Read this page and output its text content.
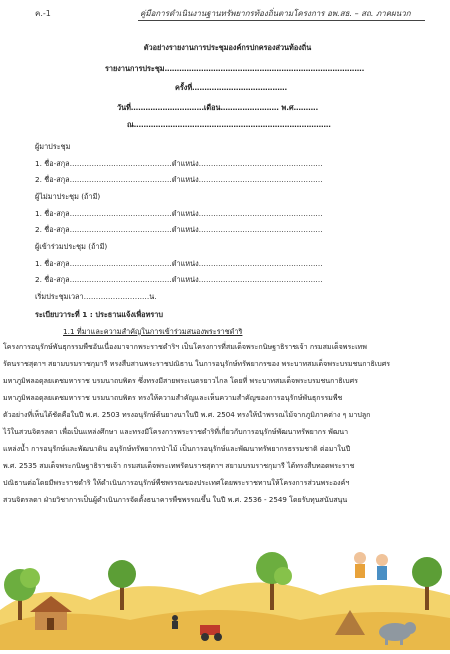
ค.-1	คู่มือการดำเนินงานฐานทรัพยากรท้องถิ่นตามโครงการ อพ.สธ. – สถ. ภาคผนวก
ตัวอย่างรายงานการประชุมองค์กรปกครองส่วนท้องถิ่น
รายงานการประชุม……………………………………………………………………….
ครั้งที่…………………………………
วันที่…………………………เดือน…………………… พ.ศ……….
ณ………………………………………………………………………
ผู้มาประชุม
1. ชื่อ-สกุล……………………………………ตำแหน่ง……………………………………………
2. ชื่อ-สกุล……………………………………ตำแหน่ง……………………………………………
ผู้ไม่มาประชุม (ถ้ามี)
1. ชื่อ-สกุล……………………………………ตำแหน่ง……………………………………………
2. ชื่อ-สกุล……………………………………ตำแหน่ง……………………………………………
ผู้เข้าร่วมประชุม (ถ้ามี)
1. ชื่อ-สกุล……………………………………ตำแหน่ง……………………………………………
2. ชื่อ-สกุล……………………………………ตำแหน่ง……………………………………………
เริ่มประชุมเวลา………………………น.
ระเบียบวาระที่ 1 : ประธานแจ้งเพื่อทราบ
1.1 ที่มาและความสำคัญในการเข้าร่วมสนองพระราชดำริ
โครงการอนุรักษ์พันธุกรรมพืชอันเนื่องมาจากพระราชดำริฯ เป็นโครงการที่สมเด็จพระกนิษฐาธิราชเจ้า กรมสมเด็จพระเทพ
รัตนราชสุดาฯ สยามบรมราชกุมารี ทรงสืบสานพระราชปณิธาน ในการอนุรักษ์ทรัพยากรของ พระบาทสมเด็จพระบรมชนกาธิเบศร
มหาภูมิพลอดุลยเดชมหาราช บรมนาถบพิตร ซึ่งทรงมีสายพระเนตรยาวไกล โดยที่ พระบาทสมเด็จพระบรมชนกาธิเบศร
มหาภูมิพลอดุลยเดชมหาราช บรมนาถบพิตร ทรงให้ความสำคัญและเห็นความสำคัญของการอนุรักษ์พันธุกรรมพืช
ตัวอย่างที่เห็นได้ชัดคือในปี พ.ศ. 2503 ทรงอนุรักษ์ต้นยางนาในปี พ.ศ. 2504 ทรงให้นำพรรณไม้จากภูมิภาคต่าง ๆ มาปลูก
ไว้ในสวนจิตรลดา เพื่อเป็นแหล่งศึกษา และทรงมีโครงการพระราชดำริที่เกี่ยวกับการอนุรักษ์พัฒนาทรัพยากร พัฒนา
แหล่งน้ำ การอนุรักษ์และพัฒนาดิน อนุรักษ์ทรัพยากรป่าไม้ เป็นการอนุรักษ์และพัฒนาทรัพยากรธรรมชาติ ต่อมาในปี
พ.ศ. 2535 สมเด็จพระกนิษฐาธิราชเจ้า กรมสมเด็จพระเทพรัตนราชสุดาฯ สยามบรมราชกุมารี ได้ทรงสืบทอดพระราช
ปณิธานต่อโดยมีพระราชดำริ ให้ดำเนินการอนุรักษ์พืชพรรณของประเทศโดยพระราชทานให้โครงการส่วนพระองค์ฯ
สวนจิตรลดา ฝ่ายวิชาการเป็นผู้ดำเนินการจัดตั้งธนาคารพืชพรรณขึ้น ในปี พ.ศ. 2536 - 2549 โดยรับทุนสนับสนุน
